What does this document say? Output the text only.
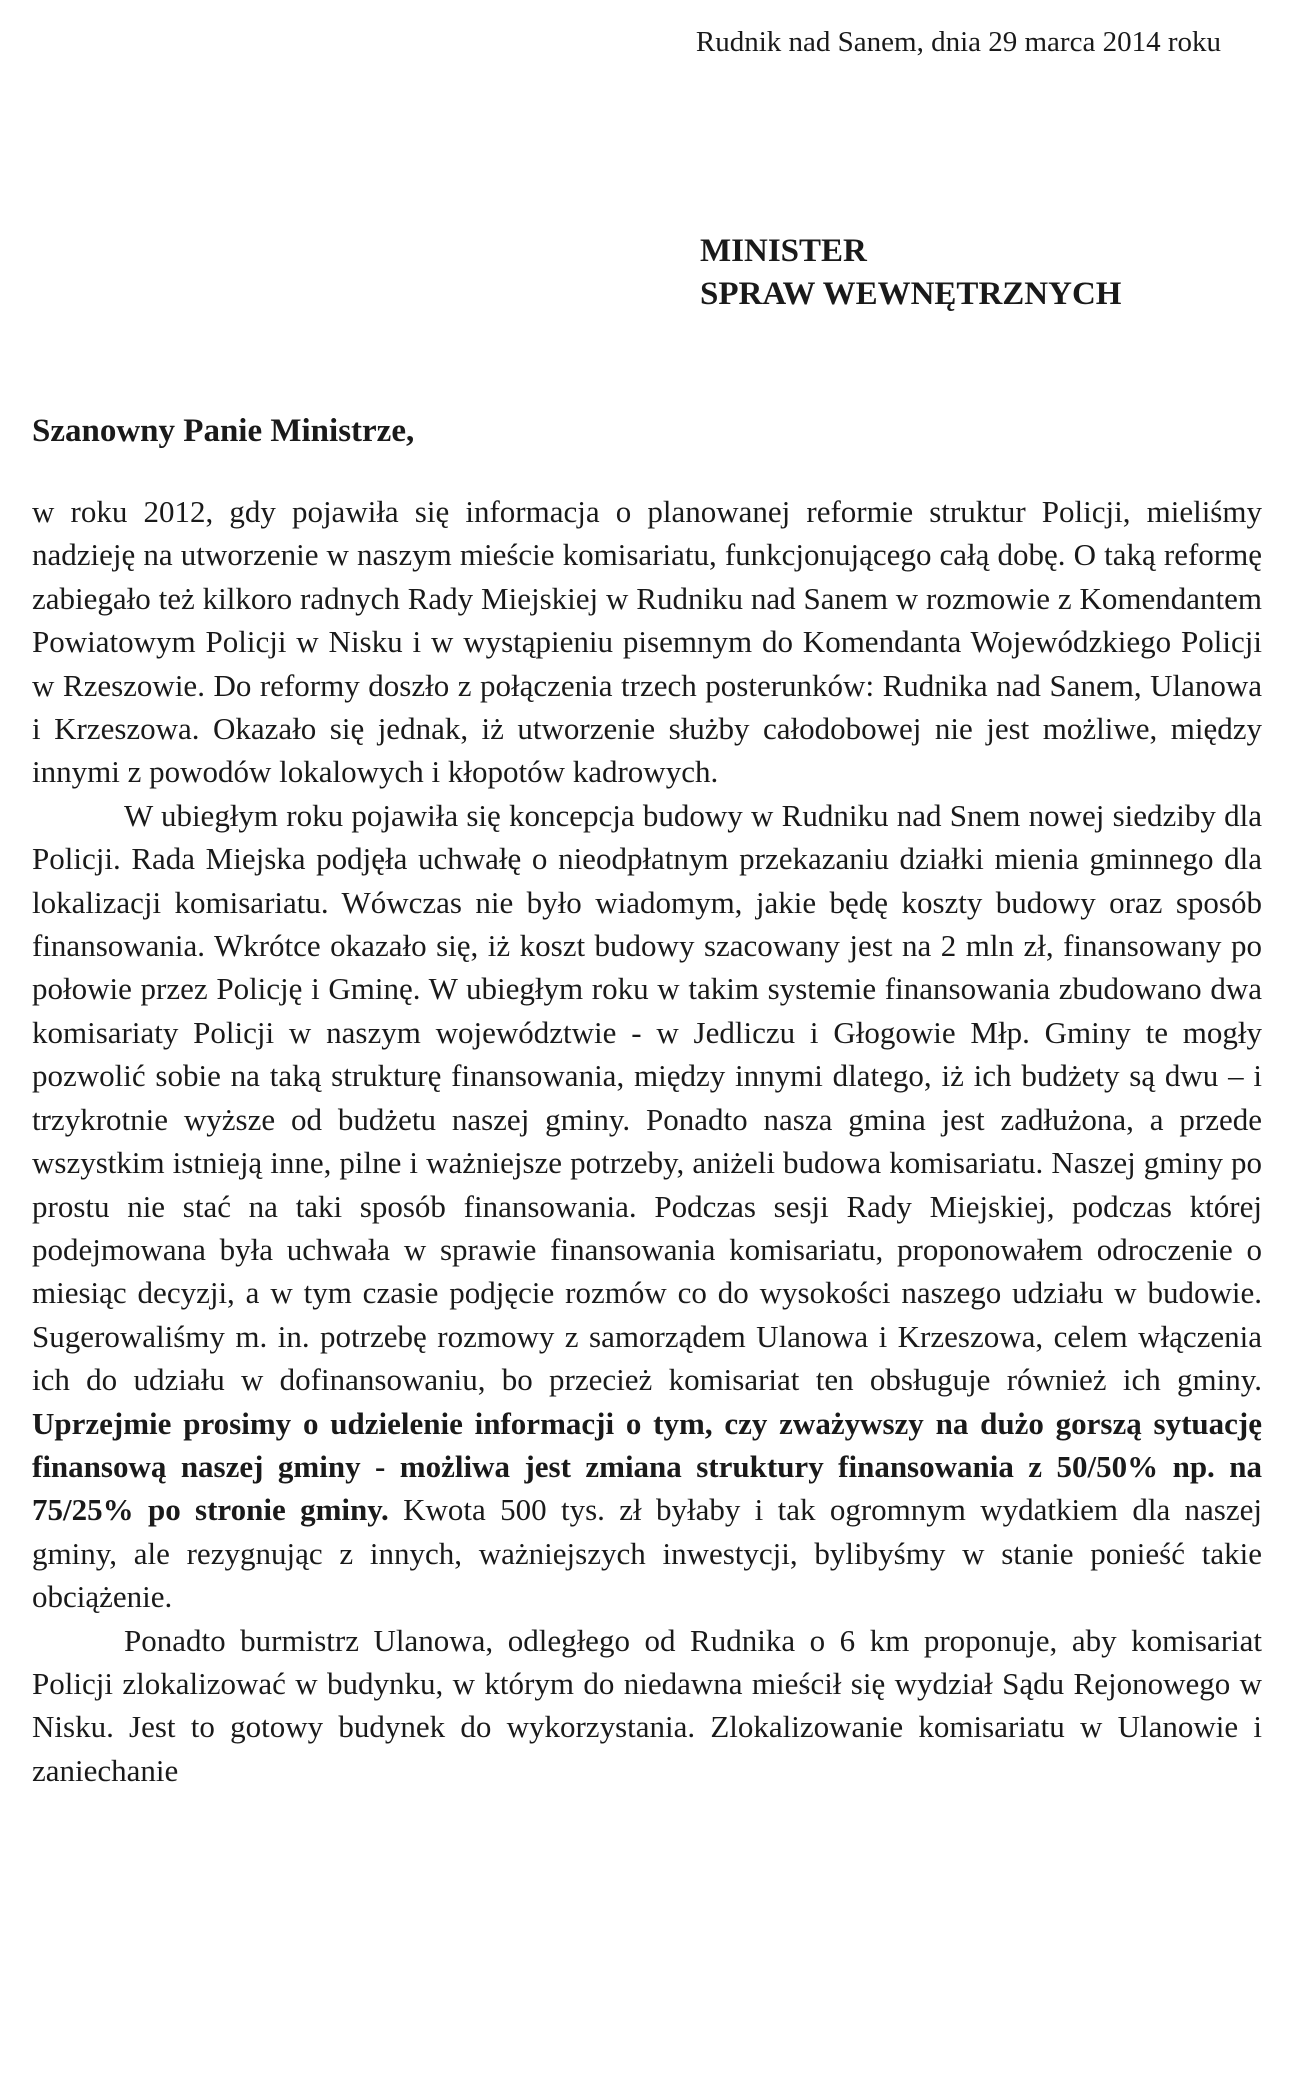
Rudnik nad Sanem, dnia 29 marca 2014 roku
MINISTER
SPRAW WEWNĘTRZNYCH
Szanowny Panie Ministrze,

w roku 2012, gdy pojawiła się informacja o planowanej reformie struktur Policji, mieliśmy nadzieję na utworzenie w naszym mieście komisariatu, funkcjonującego całą dobę. O taką reformę zabiegało też kilkoro radnych Rady Miejskiej w Rudniku nad Sanem w rozmowie z Komendantem Powiatowym Policji w Nisku i w wystąpieniu pisemnym do Komendanta Wojewódzkiego Policji w Rzeszowie. Do reformy doszło z połączenia trzech posterunków: Rudnika nad Sanem, Ulanowa i Krzeszowa. Okazało się jednak, iż utworzenie służby całodobowej nie jest możliwe, między innymi z powodów lokalowych i kłopotów kadrowych.

W ubiegłym roku pojawiła się koncepcja budowy w Rudniku nad Snem nowej siedziby dla Policji. Rada Miejska podjęła uchwałę o nieodpłatnym przekazaniu działki mienia gminnego dla lokalizacji komisariatu. Wówczas nie było wiadomym, jakie będę koszty budowy oraz sposób finansowania. Wkrótce okazało się, iż koszt budowy szacowany jest na 2 mln zł, finansowany po połowie przez Policję i Gminę. W ubiegłym roku w takim systemie finansowania zbudowano dwa komisariaty Policji w naszym województwie - w Jedliczu i Głogowie Młp. Gminy te mogły pozwolić sobie na taką strukturę finansowania, między innymi dlatego, iż ich budżety są dwu – i trzykrotnie wyższe od budżetu naszej gminy. Ponadto nasza gmina jest zadłużona, a przede wszystkim istnieją inne, pilne i ważniejsze potrzeby, aniżeli budowa komisariatu. Naszej gminy po prostu nie stać na taki sposób finansowania. Podczas sesji Rady Miejskiej, podczas której podejmowana była uchwała w sprawie finansowania komisariatu, proponowałem odroczenie o miesiąc decyzji, a w tym czasie podjęcie rozmów co do wysokości naszego udziału w budowie. Sugerowaliśmy m. in. potrzebę rozmowy z samorządem Ulanowa i Krzeszowa, celem włączenia ich do udziału w dofinansowaniu, bo przecież komisariat ten obsługuje również ich gminy. Uprzejmie prosimy o udzielenie informacji o tym, czy zważywszy na dużo gorszą sytuację finansową naszej gminy - możliwa jest zmiana struktury finansowania z 50/50% np. na 75/25% po stronie gminy. Kwota 500 tys. zł byłaby i tak ogromnym wydatkiem dla naszej gminy, ale rezygnując z innych, ważniejszych inwestycji, bylibyśmy w stanie ponieść takie obciążenie.

Ponadto burmistrz Ulanowa, odległego od Rudnika o 6 km proponuje, aby komisariat Policji zlokalizować w budynku, w którym do niedawna mieścił się wydział Sądu Rejonowego w Nisku. Jest to gotowy budynek do wykorzystania. Zlokalizowanie komisariatu w Ulanowie i zaniechanie
